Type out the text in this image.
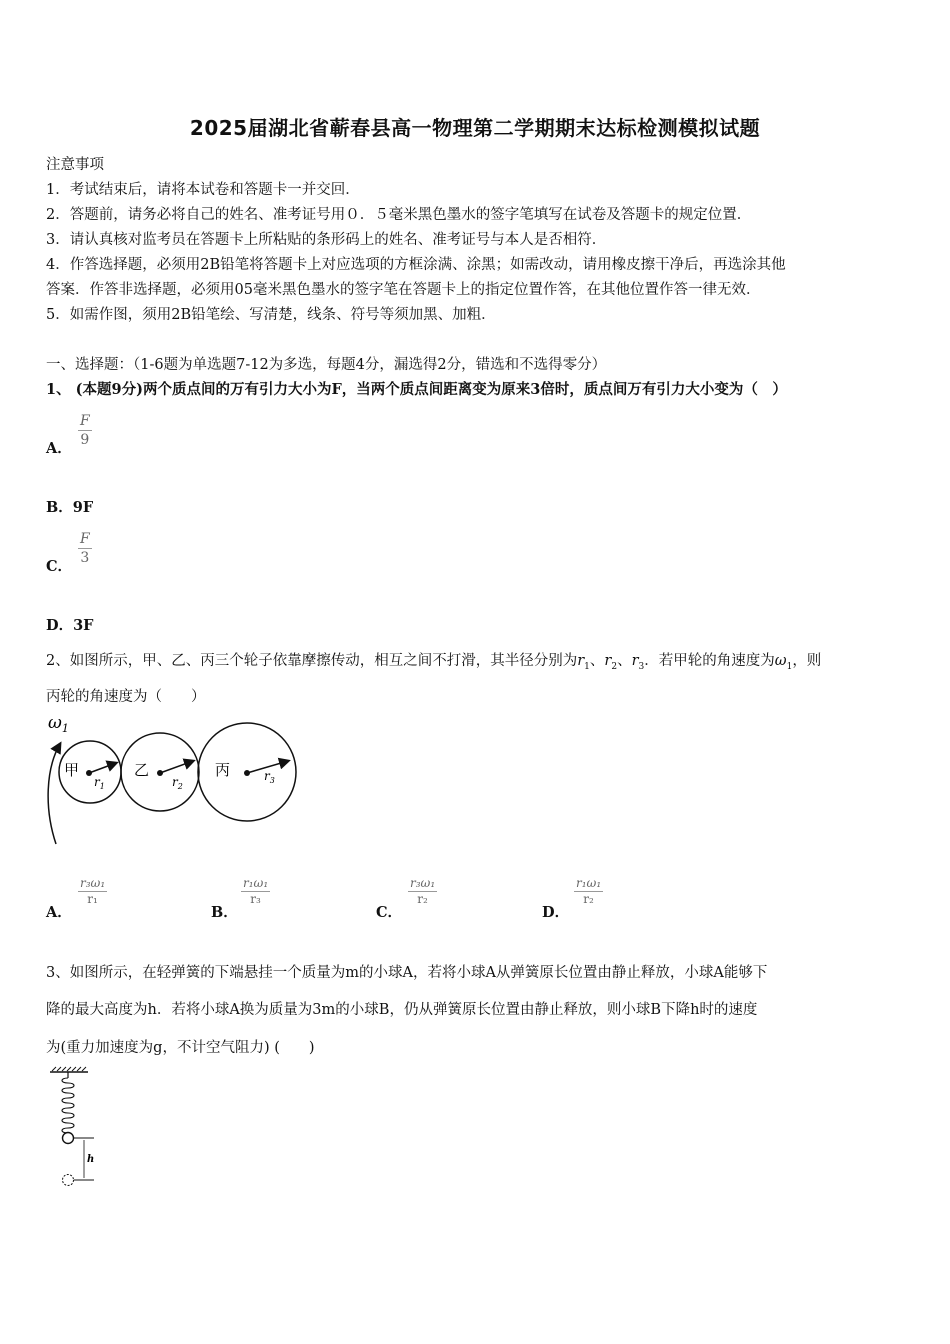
2025届湖北省蕲春县高一物理第二学期期末达标检测模拟试题
注意事项
1．考试结束后，请将本试卷和答题卡一并交回．
2．答题前，请务必将自己的姓名、准考证号用０．５毫米黑色墨水的签字笔填写在试卷及答题卡的规定位置．
3．请认真核对监考员在答题卡上所粘贴的条形码上的姓名、准考证号与本人是否相符．
4．作答选择题，必须用2B铅笔将答题卡上对应选项的方框涂满、涂黑；如需改动，请用橡皮擦干净后，再选涂其他
答案．作答非选择题，必须用05毫米黑色墨水的签字笔在答题卡上的指定位置作答，在其他位置作答一律无效．
5．如需作图，须用2B铅笔绘、写清楚，线条、符号等须加黑、加粗．
一、选择题：（1-6题为单选题7-12为多选，每题4分，漏选得2分，错选和不选得零分）
1、 (本题9分)两个质点间的万有引力大小为F，当两个质点间距离变为原来3倍时，质点间万有引力大小变为（　）
A． $\frac{F}{9}$
B．9F
C． $\frac{F}{3}$
D．3F
2、如图所示，甲、乙、丙三个轮子依靠摩擦传动，相互之间不打滑，其半径分别为$r_1$、$r_2$、$r_3$．若甲轮的角速度为$\omega_1$，则
丙轮的角速度为（　　）
$\omega_1$
甲	乙	丙
$r_1$	$r_2$
$r_3$
A．
$\frac{\text{r₃ω₁}}{\text{r₁}}$
B．
$\frac{\text{r₁ω₁}}{\text{r₃}}$
C．
$\frac{\text{r₃ω₁}}{\text{r₂}}$
D．
$\frac{\text{r₁ω₁}}{\text{r₂}}$
3、如图所示，在轻弹簧的下端悬挂一个质量为m的小球A，若将小球A从弹簧原长位置由静止释放，小球A能够下
降的最大高度为h．若将小球A换为质量为3m的小球B，仍从弹簧原长位置由静止释放，则小球B下降h时的速度
为(重力加速度为g，不计空气阻力) (　　)
h
